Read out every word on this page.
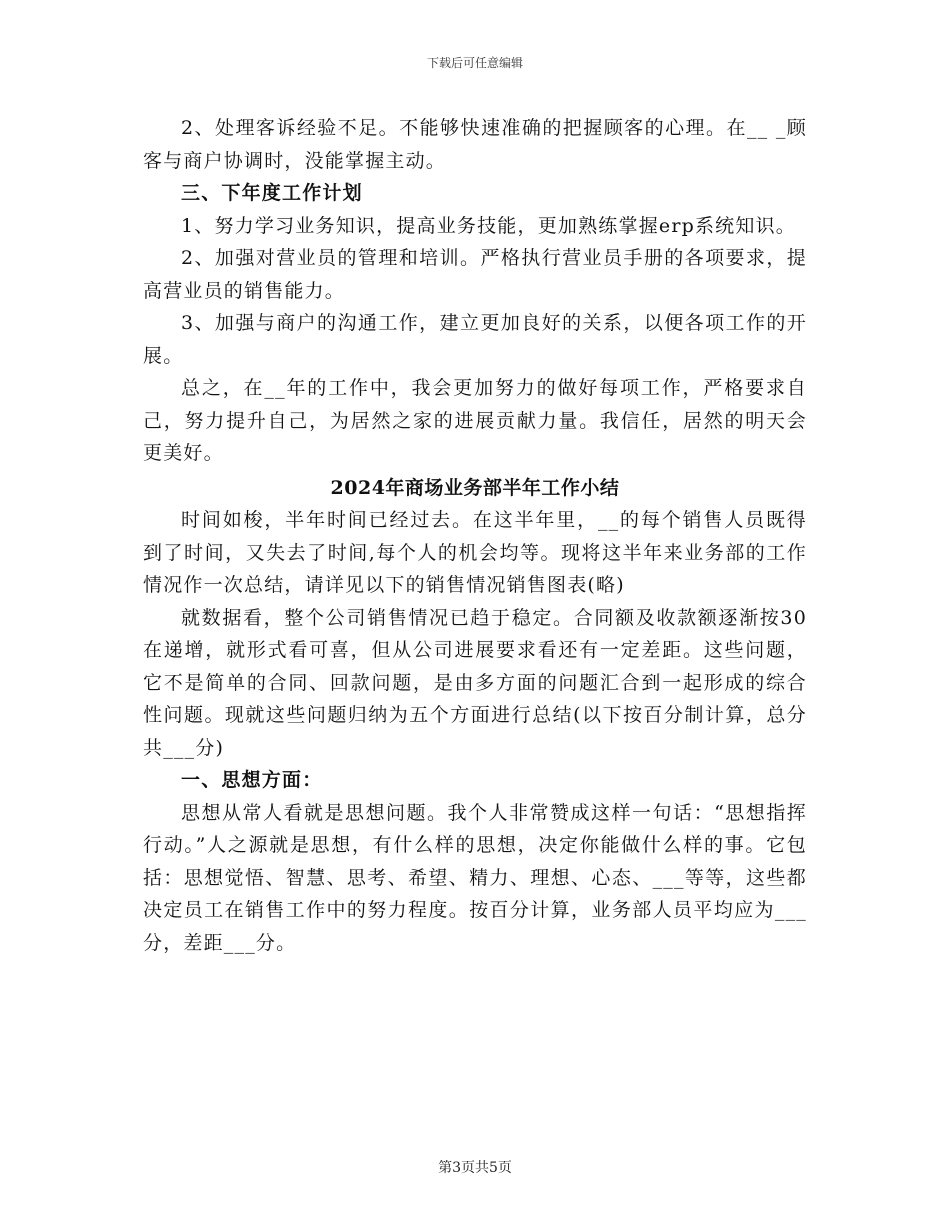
下载后可任意编辑

2、处理客诉经验不足。不能够快速准确的把握顾客的心理。在__ _顾客与商户协调时，没能掌握主动。

三、下年度工作计划

1、努力学习业务知识，提高业务技能，更加熟练掌握erp系统知识。

2、加强对营业员的管理和培训。严格执行营业员手册的各项要求，提高营业员的销售能力。

3、加强与商户的沟通工作，建立更加良好的关系，以便各项工作的开展。

总之，在__年的工作中，我会更加努力的做好每项工作，严格要求自己，努力提升自己，为居然之家的进展贡献力量。我信任，居然的明天会更美好。

2024年商场业务部半年工作小结

时间如梭，半年时间已经过去。在这半年里，__的每个销售人员既得到了时间，又失去了时间,每个人的机会均等。现将这半年来业务部的工作情况作一次总结，请详见以下的销售情况销售图表(略)

就数据看，整个公司销售情况已趋于稳定。合同额及收款额逐渐按30在递增，就形式看可喜，但从公司进展要求看还有一定差距。这些问题，它不是简单的合同、回款问题，是由多方面的问题汇合到一起形成的综合性问题。现就这些问题归纳为五个方面进行总结(以下按百分制计算，总分共___分)

一、思想方面：

思想从常人看就是思想问题。我个人非常赞成这样一句话：“思想指挥行动。”人之源就是思想，有什么样的思想，决定你能做什么样的事。它包括：思想觉悟、智慧、思考、希望、精力、理想、心态、___等等，这些都决定员工在销售工作中的努力程度。按百分计算，业务部人员平均应为___分，差距___分。

第3页共5页
